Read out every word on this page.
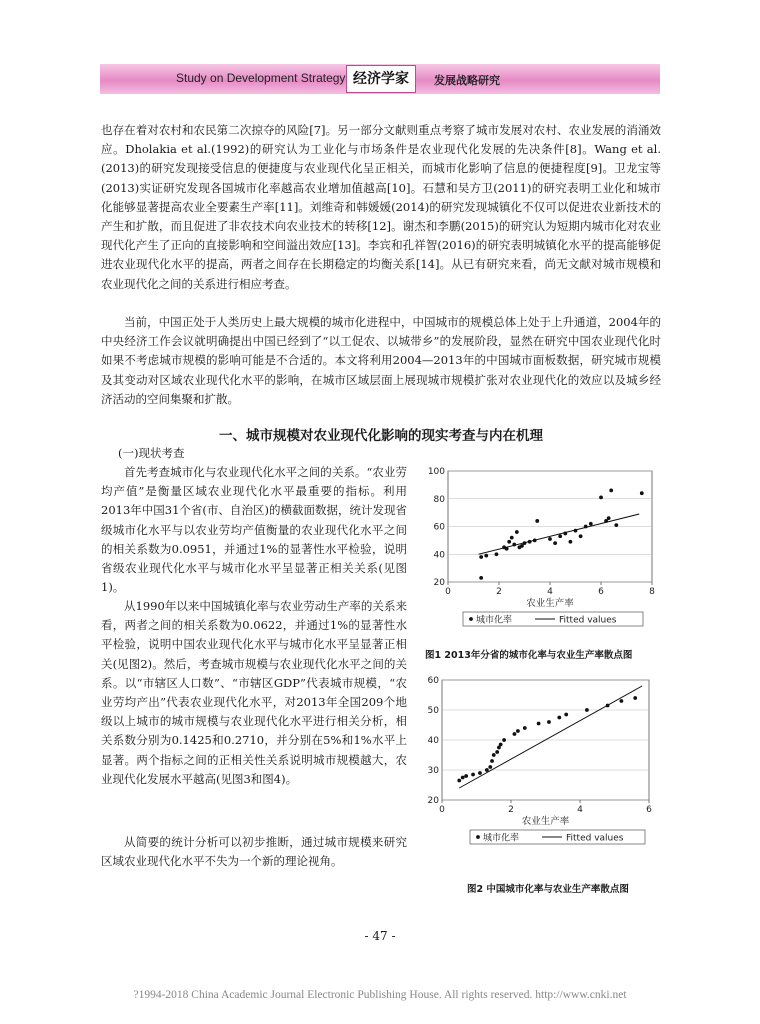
Study on Development Strategy 经济学家	发展战略研究

也存在着对农村和农民第二次掠夺的风险[7]。另一部分文献则重点考察了城市发展对农村、农业发展的消涌效应。Dholakia et al.(1992)的研究认为工业化与市场条件是农业现代化发展的先决条件[8]。Wang et al.(2013)的研究发现接受信息的便捷度与农业现代化呈正相关，而城市化影响了信息的便捷程度[9]。卫龙宝等(2013)实证研究发现各国城市化率越高农业增加值越高[10]。石慧和吴方卫(2011)的研究表明工业化和城市化能够显著提高农业全要素生产率[11]。刘维奇和韩媛媛(2014)的研究发现城镇化不仅可以促进农业新技术的产生和扩散，而且促进了非农技术向农业技术的转移[12]。谢杰和李鹏(2015)的研究认为短期内城市化对农业现代化产生了正向的直接影响和空间溢出效应[13]。李宾和孔祥智(2016)的研究表明城镇化水平的提高能够促进农业现代化水平的提高，两者之间存在长期稳定的均衡关系[14]。从已有研究来看，尚无文献对城市规模和农业现代化之间的关系进行相应考查。

当前，中国正处于人类历史上最大规模的城市化进程中，中国城市的规模总体上处于上升通道，2004年的中央经济工作会议就明确提出中国已经到了“以工促农、以城带乡”的发展阶段，显然在研究中国农业现代化时如果不考虑城市规模的影响可能是不合适的。本文将利用2004—2013年的中国城市面板数据，研究城市规模及其变动对区域农业现代化水平的影响，在城市区域层面上展现城市规模扩张对农业现代化的效应以及城乡经济活动的空间集聚和扩散。

一、城市规模对农业现代化影响的现实考查与内在机理
(一)现状考查

首先考查城市化与农业现代化水平之间的关系。“农业劳均产值”是衡量区域农业现代化水平最重要的指标。利用2013年中国31个省(市、自治区)的横截面数据，统计发现省级城市化水平与以农业劳均产值衡量的农业现代化水平之间的相关系数为0.0951，并通过1%的显著性水平检验，说明省级农业现代化水平与城市化水平呈显著正相关关系(见图1)。

从1990年以来中国城镇化率与农业劳动生产率的关系来看，两者之间的相关系数为0.0622，并通过1%的显著性水平检验，说明中国农业现代化水平与城市化水平呈显著正相关(见图2)。然后，考查城市规模与农业现代化水平之间的关系。以“市辖区人口数”、“市辖区GDP”代表城市规模，“农业劳均产出”代表农业现代化水平，对2013年全国209个地级以上城市的城市规模与农业现代化水平进行相关分析，相关系数分别为0.1425和0.2710，并分别在5%和1%水平上显著。两个指标之间的正相关性关系说明城市规模越大，农业现代化发展水平越高(见图3和图4)。

从简要的统计分析可以初步推断，通过城市规模来研究区域农业现代化水平不失为一个新的理论视角。

20
40
60
80
100
0	2	4	6	8
农业生产率
城市化率	Fitted values
图1 2013年分省的城市化率与农业生产率散点图
20
30
40
50
60
0	2	4	6
农业生产率
城市化率	Fitted values
图2 中国城市化率与农业生产率散点图
- 47 -
?1994-2018 China Academic Journal Electronic Publishing House. All rights reserved. http://www.cnki.net
